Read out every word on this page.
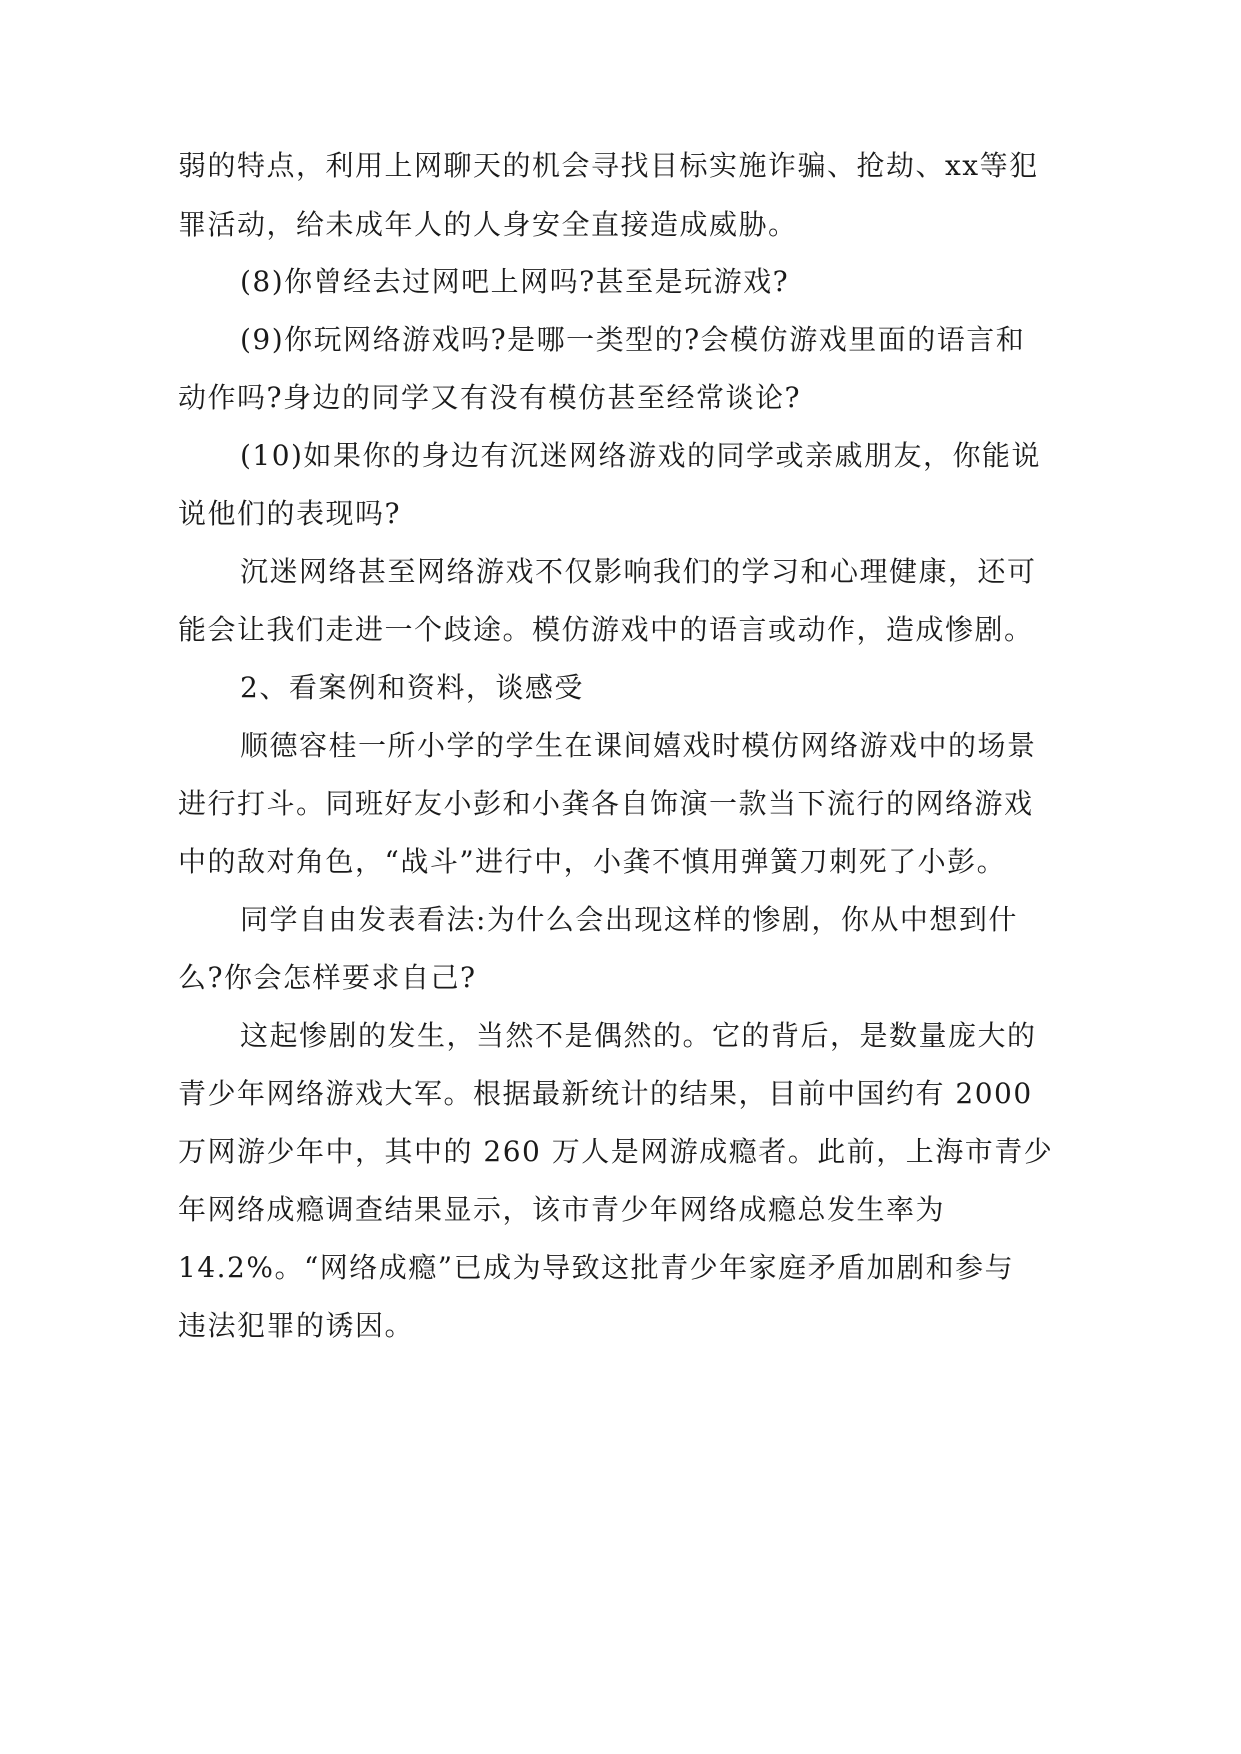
弱的特点，利用上网聊天的机会寻找目标实施诈骗、抢劫、xx等犯
罪活动，给未成年人的人身安全直接造成威胁。
(8)你曾经去过网吧上网吗?甚至是玩游戏?
(9)你玩网络游戏吗?是哪一类型的?会模仿游戏里面的语言和
动作吗?身边的同学又有没有模仿甚至经常谈论?
(10)如果你的身边有沉迷网络游戏的同学或亲戚朋友，你能说
说他们的表现吗?
沉迷网络甚至网络游戏不仅影响我们的学习和心理健康，还可
能会让我们走进一个歧途。模仿游戏中的语言或动作，造成惨剧。
2、看案例和资料，谈感受
顺德容桂一所小学的学生在课间嬉戏时模仿网络游戏中的场景
进行打斗。同班好友小彭和小龚各自饰演一款当下流行的网络游戏
中的敌对角色，“战斗”进行中，小龚不慎用弹簧刀刺死了小彭。
同学自由发表看法:为什么会出现这样的惨剧，你从中想到什
么?你会怎样要求自己?
这起惨剧的发生，当然不是偶然的。它的背后，是数量庞大的
青少年网络游戏大军。根据最新统计的结果，目前中国约有 2000
万网游少年中，其中的 260 万人是网游成瘾者。此前，上海市青少
年网络成瘾调查结果显示，该市青少年网络成瘾总发生率为
14.2%。“网络成瘾”已成为导致这批青少年家庭矛盾加剧和参与
违法犯罪的诱因。
